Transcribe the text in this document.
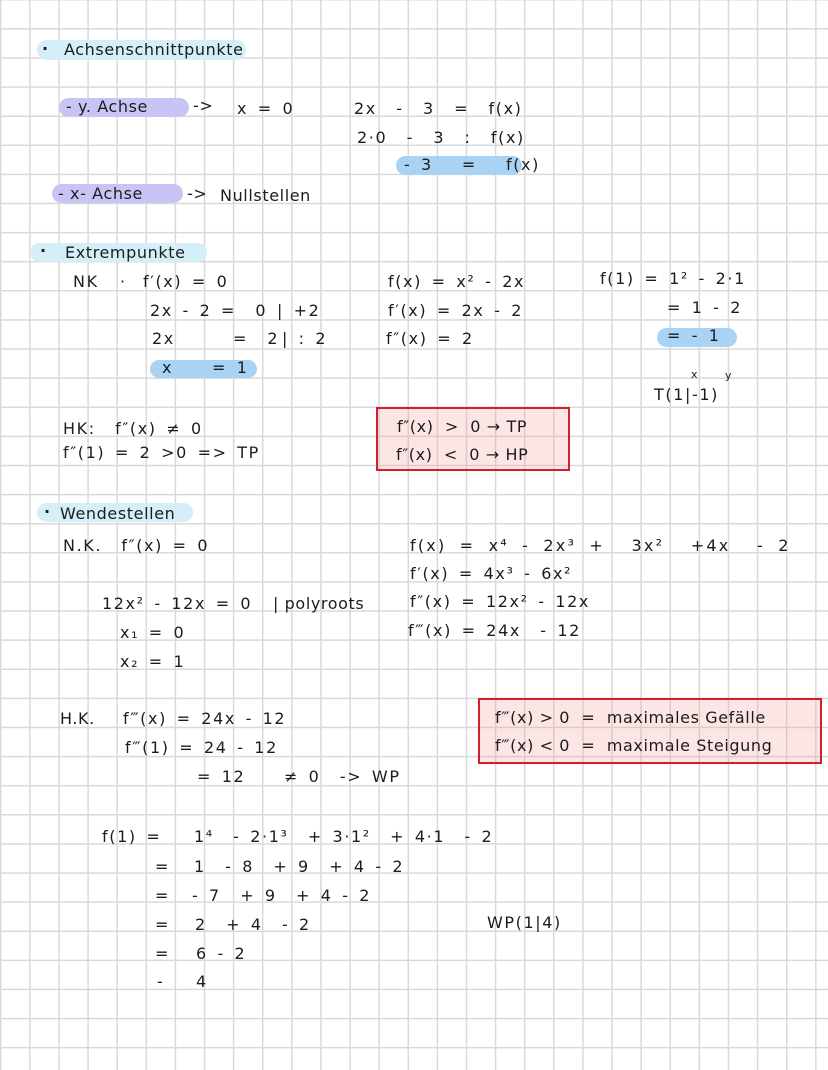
· Achsenschnittpunkte
- y. Achse	-> x = 0	2x  -  3  =  f(x)
2·0  -  3  :  f(x)
- 3   =   f(x)
- x- Achse	-> Nullstellen
· Extrempunkte
NK · f′(x) = 0
2x - 2 =  0 | +2
2x      =  2 | : 2
x = 1
f(x) = x² - 2x
f′(x) = 2x - 2
f″(x) = 2
f(1) = 1² - 2·1
= 1 - 2
= - 1
x y
T(1|-1)
HK:  f″(x) ≠ 0
f″(1) = 2 >0 => TP
f″(x)  >  0 → TP
f″(x)  <  0 → HP
· Wendestellen
N.K.  f″(x) = 0
12x² - 12x = 0 | polyroots
x₁ = 0
x₂ = 1
f(x) = x⁴ - 2x³ +  3x²  +4x  - 2
f′(x) = 4x³ - 6x²
f″(x) = 12x² - 12x
f‴(x) = 24x  - 12
H.K. f‴(x) = 24x - 12
f‴(1) = 24 - 12
= 12    ≠ 0  -> WP
f‴(x) > 0  =  maximales Gefälle
f‴(x) < 0  =  maximale Steigung
f(1) = 1⁴  - 2·1³  + 3·1²  + 4·1  - 2
= 1  - 8  + 9  + 4 - 2
= - 7  + 9  + 4 - 2
= 2  + 4  - 2	WP(1|4)
= 6 - 2
- 4
